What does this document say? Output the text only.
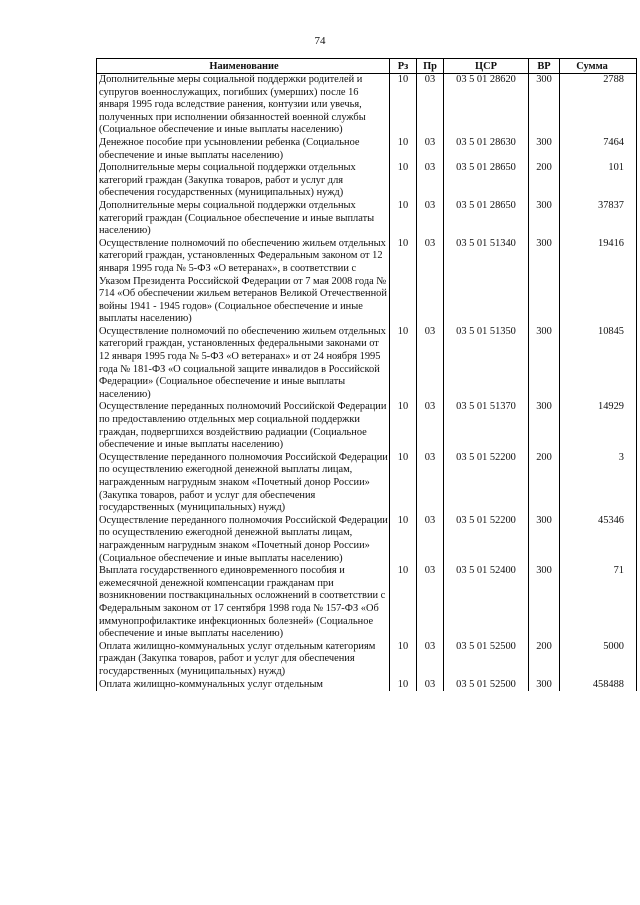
74
Наименование	Рз	Пр	ЦСР	ВР	Сумма
Дополнительные меры социальной поддержки родителей и супругов военнослужащих, погибших (умерших) после 16 января 1995 года вследствие ранения, контузии или увечья, полученных при исполнении обязанностей военной службы (Социальное обеспечение и иные выплаты населению)	10	03	03 5 01 28620	300	2788
Денежное пособие при усыновлении ребенка (Социальное обеспечение и иные выплаты населению)	10	03	03 5 01 28630	300	7464
Дополнительные меры социальной поддержки отдельных категорий граждан (Закупка товаров, работ и услуг для обеспечения государственных (муниципальных) нужд)	10	03	03 5 01 28650	200	101
Дополнительные меры социальной поддержки отдельных категорий граждан (Социальное обеспечение и иные выплаты населению)	10	03	03 5 01 28650	300	37837
Осуществление полномочий по обеспечению жильем отдельных категорий граждан, установленных Федеральным законом от 12 января 1995 года № 5-ФЗ «О ветеранах», в соответствии с Указом Президента Российской Федерации от 7 мая 2008 года № 714 «Об обеспечении жильем ветеранов Великой Отечественной войны 1941 - 1945 годов» (Социальное обеспечение и иные выплаты населению)	10	03	03 5 01 51340	300	19416
Осуществление полномочий по обеспечению жильем отдельных категорий граждан, установленных федеральными законами от 12 января 1995 года № 5-ФЗ «О ветеранах» и от 24 ноября 1995 года № 181-ФЗ «О социальной защите инвалидов в Российской Федерации» (Социальное обеспечение и иные выплаты населению)	10	03	03 5 01 51350	300	10845
Осуществление переданных полномочий Российской Федерации по предоставлению отдельных мер социальной поддержки граждан, подвергшихся воздействию радиации (Социальное обеспечение и иные выплаты населению)	10	03	03 5 01 51370	300	14929
Осуществление переданного полномочия Российской Федерации по осуществлению ежегодной денежной выплаты лицам, награжденным нагрудным знаком «Почетный донор России» (Закупка товаров, работ и услуг для обеспечения государственных (муниципальных) нужд)	10	03	03 5 01 52200	200	3
Осуществление переданного полномочия Российской Федерации по осуществлению ежегодной денежной выплаты лицам, награжденным нагрудным знаком «Почетный донор России» (Социальное обеспечение и иные выплаты населению)	10	03	03 5 01 52200	300	45346
Выплата государственного единовременного пособия и ежемесячной денежной компенсации гражданам при возникновении поствакцинальных осложнений в соответствии с Федеральным законом от 17 сентября 1998 года № 157-ФЗ «Об иммунопрофилактике инфекционных болезней» (Социальное обеспечение и иные выплаты населению)	10	03	03 5 01 52400	300	71
Оплата жилищно-коммунальных услуг отдельным категориям граждан (Закупка товаров, работ и услуг для обеспечения государственных (муниципальных) нужд)	10	03	03 5 01 52500	200	5000
Оплата жилищно-коммунальных услуг отдельным	10	03	03 5 01 52500	300	458488
